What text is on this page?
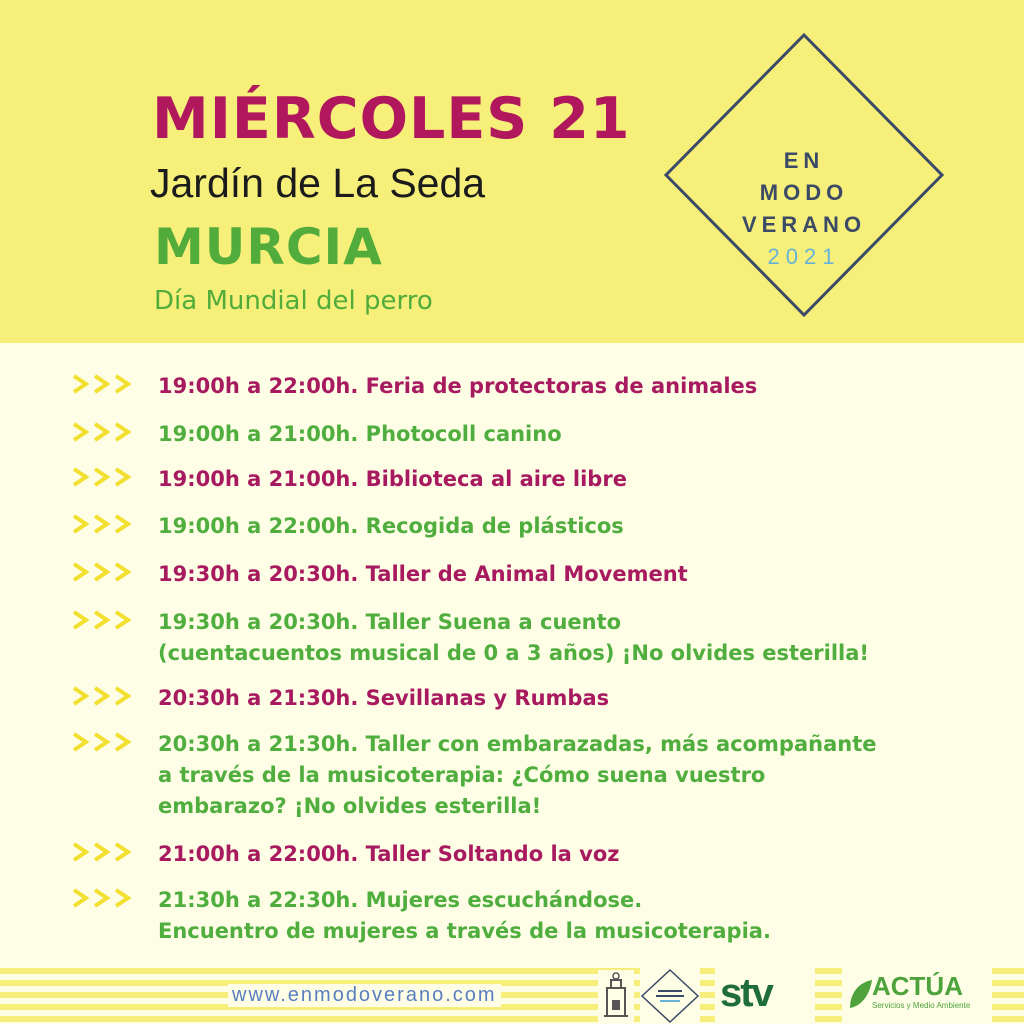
MIÉRCOLES 21
Jardín de La Seda
MURCIA
Día Mundial del perro
EN
MODO
VERANO
2021
19:00h a 22:00h. Feria de protectoras de animales
19:00h a 21:00h. Photocoll canino
19:00h a 21:00h. Biblioteca al aire libre
19:00h a 22:00h. Recogida de plásticos
19:30h a 20:30h. Taller de Animal Movement
19:30h a 20:30h. Taller Suena a cuento
(cuentacuentos musical de 0 a 3 años) ¡No olvides esterilla!
20:30h a 21:30h. Sevillanas y Rumbas
20:30h a 21:30h. Taller con embarazadas, más acompañante
a través de la musicoterapia: ¿Cómo suena vuestro
embarazo? ¡No olvides esterilla!
21:00h a 22:00h. Taller Soltando la voz
21:30h a 22:30h. Mujeres escuchándose.
Encuentro de mujeres a través de la musicoterapia.
www.enmodoverano.com	stv	ACTÚA
Servicios y Medio Ambiente
